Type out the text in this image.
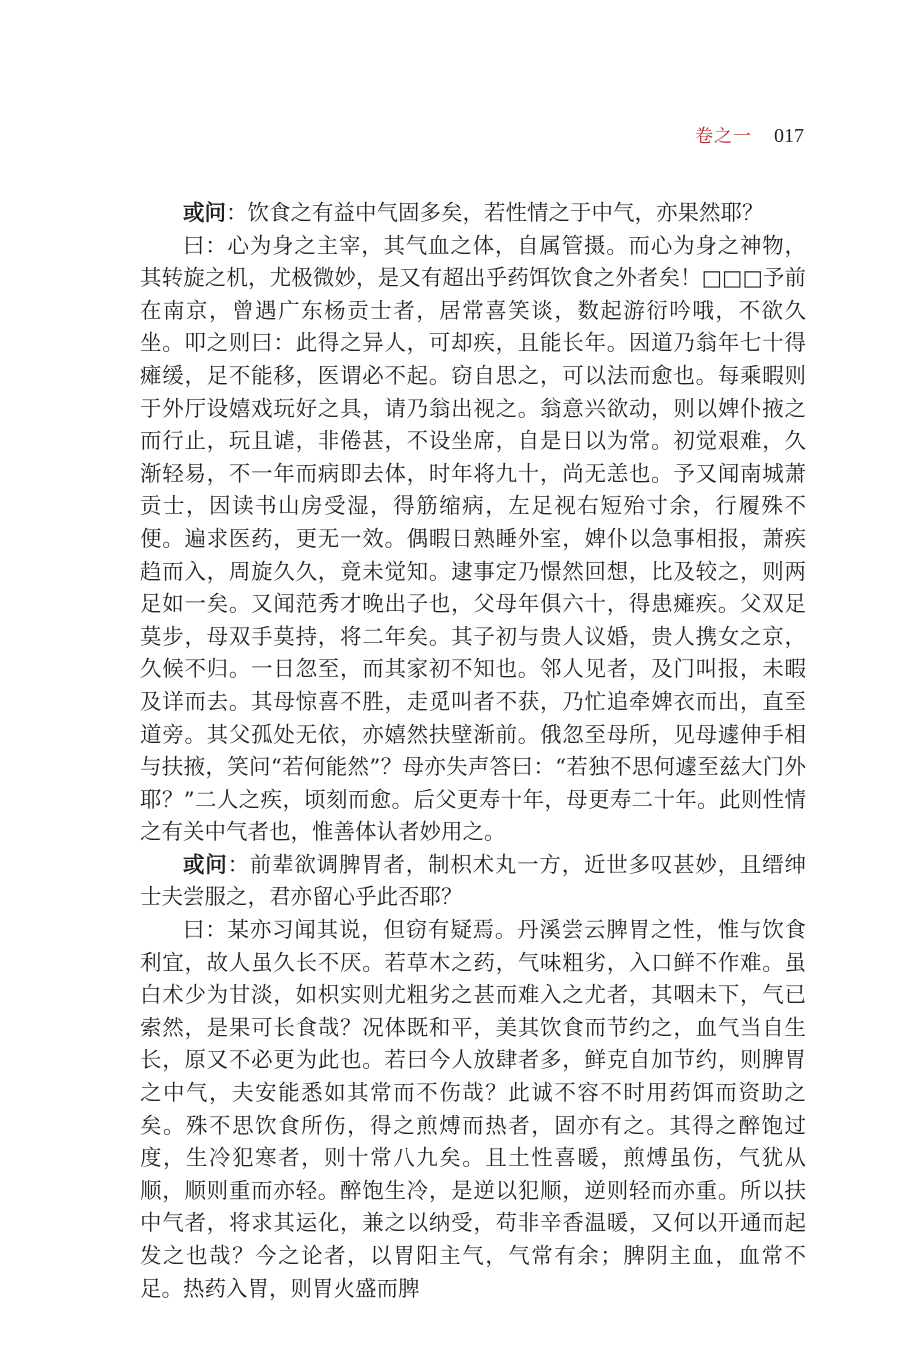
卷之一 017

或问：饮食之有益中气固多矣，若性情之于中气，亦果然耶？

曰：心为身之主宰，其气血之体，自属管摄。而心为身之神物，其转旋之机，尤极微妙，是又有超出乎药饵饮食之外者矣！□□□予前在南京，曾遇广东杨贡士者，居常喜笑谈，数起游衍吟哦，不欲久坐。叩之则曰：此得之异人，可却疾，且能长年。因道乃翁年七十得瘫缓，足不能移，医谓必不起。窃自思之，可以法而愈也。每乘暇则于外厅设嬉戏玩好之具，请乃翁出视之。翁意兴欲动，则以婢仆掖之而行止，玩且谑，非倦甚，不设坐席，自是日以为常。初觉艰难，久渐轻易，不一年而病即去体，时年将九十，尚无恙也。予又闻南城萧贡士，因读书山房受湿，得筋缩病，左足视右短殆寸余，行履殊不便。遍求医药，更无一效。偶暇日熟睡外室，婢仆以急事相报，萧疾趋而入，周旋久久，竟未觉知。逮事定乃憬然回想，比及较之，则两足如一矣。又闻范秀才晚出子也，父母年俱六十，得患瘫疾。父双足莫步，母双手莫持，将二年矣。其子初与贵人议婚，贵人携女之京，久候不归。一日忽至，而其家初不知也。邻人见者，及门叫报，未暇及详而去。其母惊喜不胜，走觅叫者不获，乃忙追牵婢衣而出，直至道旁。其父孤处无依，亦嬉然扶壁渐前。俄忽至母所，见母遽伸手相与扶掖，笑问“若何能然”？母亦失声答曰：“若独不思何遽至兹大门外耶？”二人之疾，顷刻而愈。后父更寿十年，母更寿二十年。此则性情之有关中气者也，惟善体认者妙用之。

或问：前辈欲调脾胃者，制枳术丸一方，近世多叹甚妙，且缙绅士夫尝服之，君亦留心乎此否耶？

曰：某亦习闻其说，但窃有疑焉。丹溪尝云脾胃之性，惟与饮食利宜，故人虽久长不厌。若草木之药，气味粗劣，入口鲜不作难。虽白术少为甘淡，如枳实则尤粗劣之甚而难入之尤者，其咽未下，气已索然，是果可长食哉？况体既和平，美其饮食而节约之，血气当自生长，原又不必更为此也。若曰今人放肆者多，鲜克自加节约，则脾胃之中气，夫安能悉如其常而不伤哉？此诚不容不时用药饵而资助之矣。殊不思饮食所伤，得之煎煿而热者，固亦有之。其得之醉饱过度，生冷犯寒者，则十常八九矣。且土性喜暖，煎煿虽伤，气犹从顺，顺则重而亦轻。醉饱生冷，是逆以犯顺，逆则轻而亦重。所以扶中气者，将求其运化，兼之以纳受，苟非辛香温暖，又何以开通而起发之也哉？今之论者，以胃阳主气，气常有余；脾阴主血，血常不足。热药入胃，则胃火盛而脾
